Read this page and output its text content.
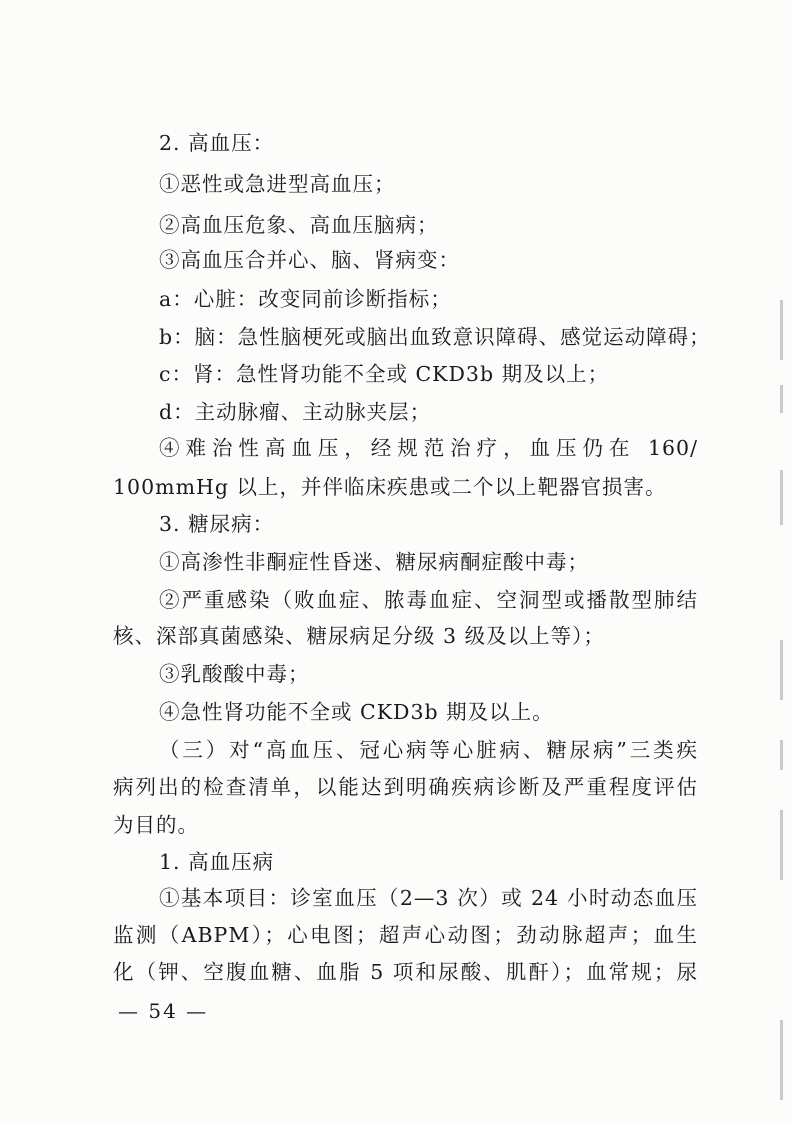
2. 高血压：
①恶性或急进型高血压；
②高血压危象、高血压脑病；
③高血压合并心、脑、肾病变：
a：心脏：改变同前诊断指标；
b：脑：急性脑梗死或脑出血致意识障碍、感觉运动障碍；
c：肾：急性肾功能不全或 CKD3b 期及以上；
d：主动脉瘤、主动脉夹层；
④难治性高血压，经规范治疗，血压仍在 160/
100mmHg 以上，并伴临床疾患或二个以上靶器官损害。
3. 糖尿病：
①高渗性非酮症性昏迷、糖尿病酮症酸中毒；
②严重感染（败血症、脓毒血症、空洞型或播散型肺结
核、深部真菌感染、糖尿病足分级 3 级及以上等）；
③乳酸酸中毒；
④急性肾功能不全或 CKD3b 期及以上。
（三）对“高血压、冠心病等心脏病、糖尿病”三类疾
病列出的检查清单，以能达到明确疾病诊断及严重程度评估
为目的。
1. 高血压病
①基本项目：诊室血压（2—3 次）或 24 小时动态血压
监测（ABPM）；心电图；超声心动图；劲动脉超声；血生
化（钾、空腹血糖、血脂 5 项和尿酸、肌酐）；血常规；尿
— 54 —
